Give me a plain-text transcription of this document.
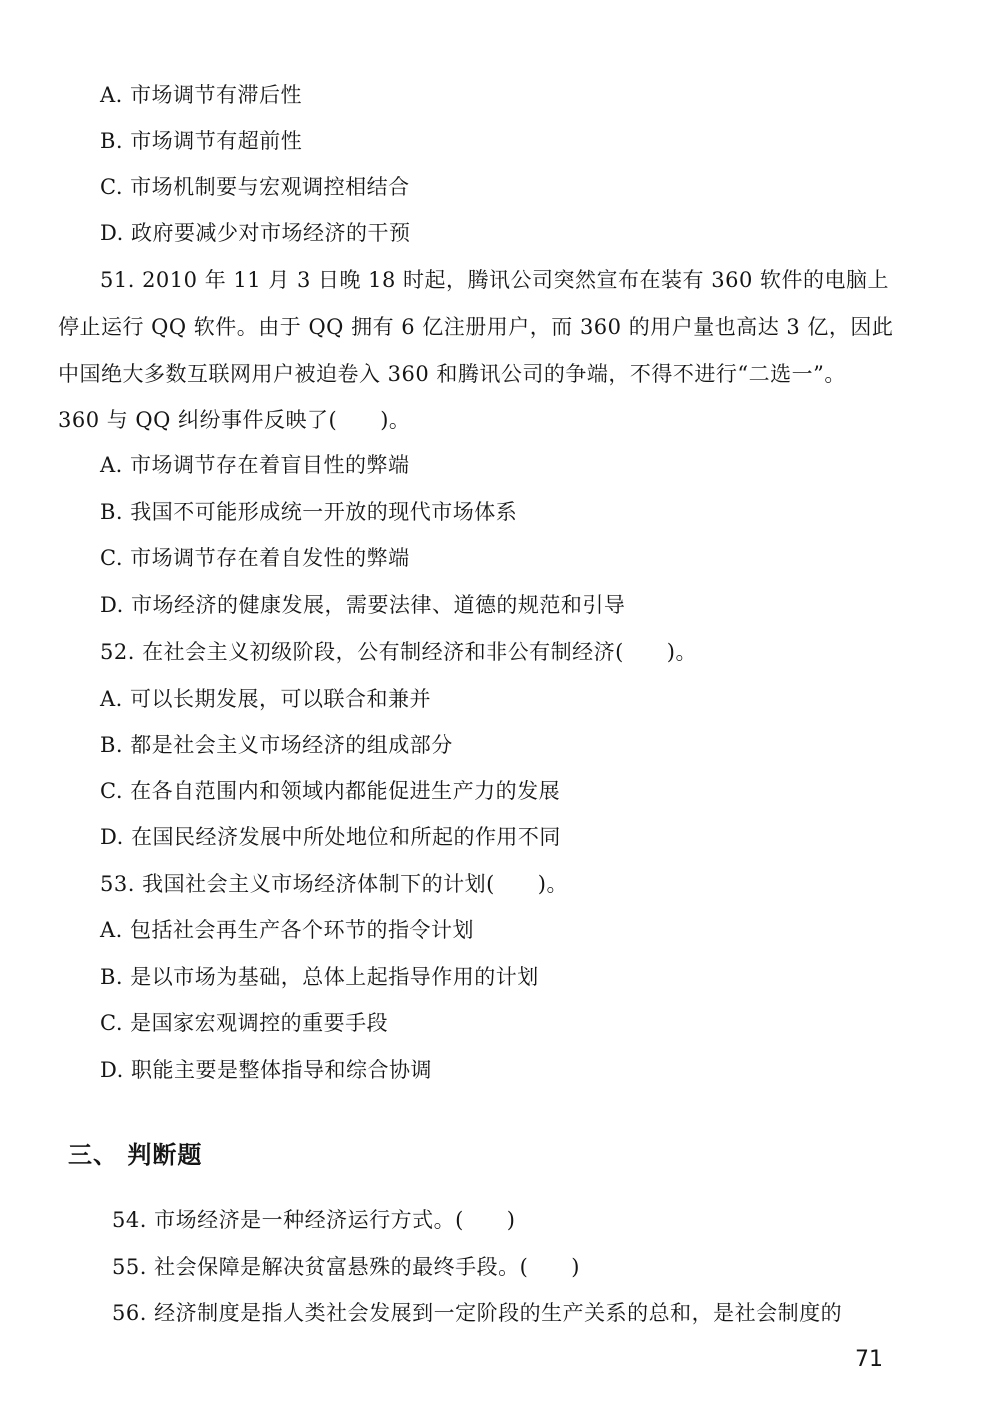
A. 市场调节有滞后性
B. 市场调节有超前性
C. 市场机制要与宏观调控相结合
D. 政府要减少对市场经济的干预
51. 2010 年 11 月 3 日晚 18 时起，腾讯公司突然宣布在装有 360 软件的电脑上
停止运行 QQ 软件。由于 QQ 拥有 6 亿注册用户，而 360 的用户量也高达 3 亿，因此
中国绝大多数互联网用户被迫卷入 360 和腾讯公司的争端，不得不进行“二选一”。
360 与 QQ 纠纷事件反映了(　　)。
A. 市场调节存在着盲目性的弊端
B. 我国不可能形成统一开放的现代市场体系
C. 市场调节存在着自发性的弊端
D. 市场经济的健康发展，需要法律、道德的规范和引导
52. 在社会主义初级阶段，公有制经济和非公有制经济(　　)。
A. 可以长期发展，可以联合和兼并
B. 都是社会主义市场经济的组成部分
C. 在各自范围内和领域内都能促进生产力的发展
D. 在国民经济发展中所处地位和所起的作用不同
53. 我国社会主义市场经济体制下的计划(　　)。
A. 包括社会再生产各个环节的指令计划
B. 是以市场为基础，总体上起指导作用的计划
C. 是国家宏观调控的重要手段
D. 职能主要是整体指导和综合协调
三、 判断题
54. 市场经济是一种经济运行方式。(　　)
55. 社会保障是解决贫富悬殊的最终手段。(　　)
56. 经济制度是指人类社会发展到一定阶段的生产关系的总和，是社会制度的
71
